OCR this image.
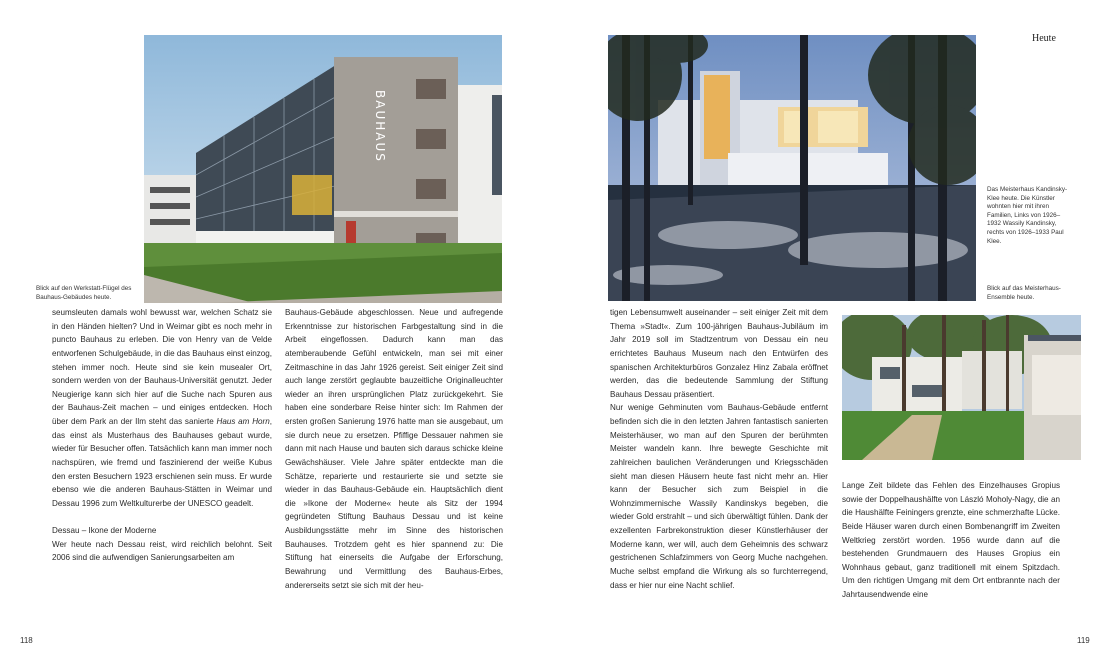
BAUHAUS
Blick auf den Werkstatt-Flügel des Bauhaus-Gebäudes heute.
Heute
Das Meisterhaus Kandinsky-Klee heute. Die Künstler wohnten hier mit ihren Familien, Links von 1926–1932 Wassily Kandinsky, rechts von 1926–1933 Paul Klee.
Blick auf das Meisterhaus-Ensemble heute.

seumsleuten damals wohl bewusst war, welchen Schatz sie in den Händen hielten? Und in Weimar gibt es noch mehr in puncto Bauhaus zu erleben. Die von Henry van de Velde entworfenen Schulgebäude, in die das Bauhaus einst einzog, stehen immer noch. Heute sind sie kein musealer Ort, sondern werden von der Bauhaus-Universität genutzt. Jeder Neugierige kann sich hier auf die Suche nach Spuren aus der Bauhaus-Zeit machen – und einiges entdecken. Hoch über dem Park an der Ilm steht das sanierte Haus am Horn, das einst als Musterhaus des Bauhauses gebaut wurde, wieder für Besucher offen. Tatsächlich kann man immer noch nachspüren, wie fremd und faszinierend der weiße Kubus den ersten Besuchern 1923 erschienen sein muss. Er wurde ebenso wie die anderen Bauhaus-Stätten in Weimar und Dessau 1996 zum Weltkulturerbe der UNESCO geadelt.

Dessau – Ikone der Moderne

Wer heute nach Dessau reist, wird reichlich belohnt. Seit 2006 sind die aufwendigen Sanierungsarbeiten am

Bauhaus-Gebäude abgeschlossen. Neue und aufregende Erkenntnisse zur historischen Farbgestaltung sind in die Arbeit eingeflossen. Dadurch kann man das atemberaubende Gefühl entwickeln, man sei mit einer Zeitmaschine in das Jahr 1926 gereist. Seit einiger Zeit sind auch lange zerstört geglaubte bauzeitliche Originalleuchter wieder an ihren ursprünglichen Platz zurückgekehrt. Sie haben eine sonderbare Reise hinter sich: Im Rahmen der ersten großen Sanierung 1976 hatte man sie ausgebaut, um sie durch neue zu ersetzen. Pfiffige Dessauer nahmen sie dann mit nach Hause und bauten sich daraus schicke kleine Gewächshäuser. Viele Jahre später entdeckte man die Schätze, reparierte und restaurierte sie und setzte sie wieder in das Bauhaus-Gebäude ein. Hauptsächlich dient die »Ikone der Moderne« heute als Sitz der 1994 gegründeten Stiftung Bauhaus Dessau und ist keine Ausbildungsstätte mehr im Sinne des historischen Bauhauses. Trotzdem geht es hier spannend zu: Die Stiftung hat einerseits die Aufgabe der Erforschung, Bewahrung und Vermittlung des Bauhaus-Erbes, andererseits setzt sie sich mit der heu-

tigen Lebensumwelt auseinander – seit einiger Zeit mit dem Thema »Stadt«. Zum 100-jährigen Bauhaus-Jubiläum im Jahr 2019 soll im Stadtzentrum von Dessau ein neu errichtetes Bauhaus Museum nach den Entwürfen des spanischen Architekturbüros Gonzalez Hinz Zabala eröffnet werden, das die bedeutende Sammlung der Stiftung Bauhaus Dessau präsentiert.

Nur wenige Gehminuten vom Bauhaus-Gebäude entfernt befinden sich die in den letzten Jahren fantastisch sanierten Meisterhäuser, wo man auf den Spuren der berühmten Meister wandeln kann. Ihre bewegte Geschichte mit zahlreichen baulichen Veränderungen und Kriegsschäden sieht man diesen Häusern heute fast nicht mehr an. Hier kann der Besucher sich zum Beispiel in die Wohnzimmernische Wassily Kandinskys begeben, die wieder Gold erstrahlt – und sich überwältigt fühlen. Dank der exzellenten Farbrekonstruktion dieser Künstlerhäuser der Moderne kann, wer will, auch dem Geheimnis des schwarz gestrichenen Schlafzimmers von Georg Muche nachgehen. Muche selbst empfand die Wirkung als so furchterregend, dass er hier nur eine Nacht schlief.

Lange Zeit bildete das Fehlen des Einzelhauses Gropius sowie der Doppelhaushälfte von László Moholy-Nagy, die an die Haushälfte Feiningers grenzte, eine schmerzhafte Lücke. Beide Häuser waren durch einen Bombenangriff im Zweiten Weltkrieg zerstört worden. 1956 wurde dann auf die bestehenden Grundmauern des Hauses Gropius ein Wohnhaus gebaut, ganz traditionell mit einem Spitzdach. Um den richtigen Umgang mit dem Ort entbrannte nach der Jahrtausendwende eine
118	119
